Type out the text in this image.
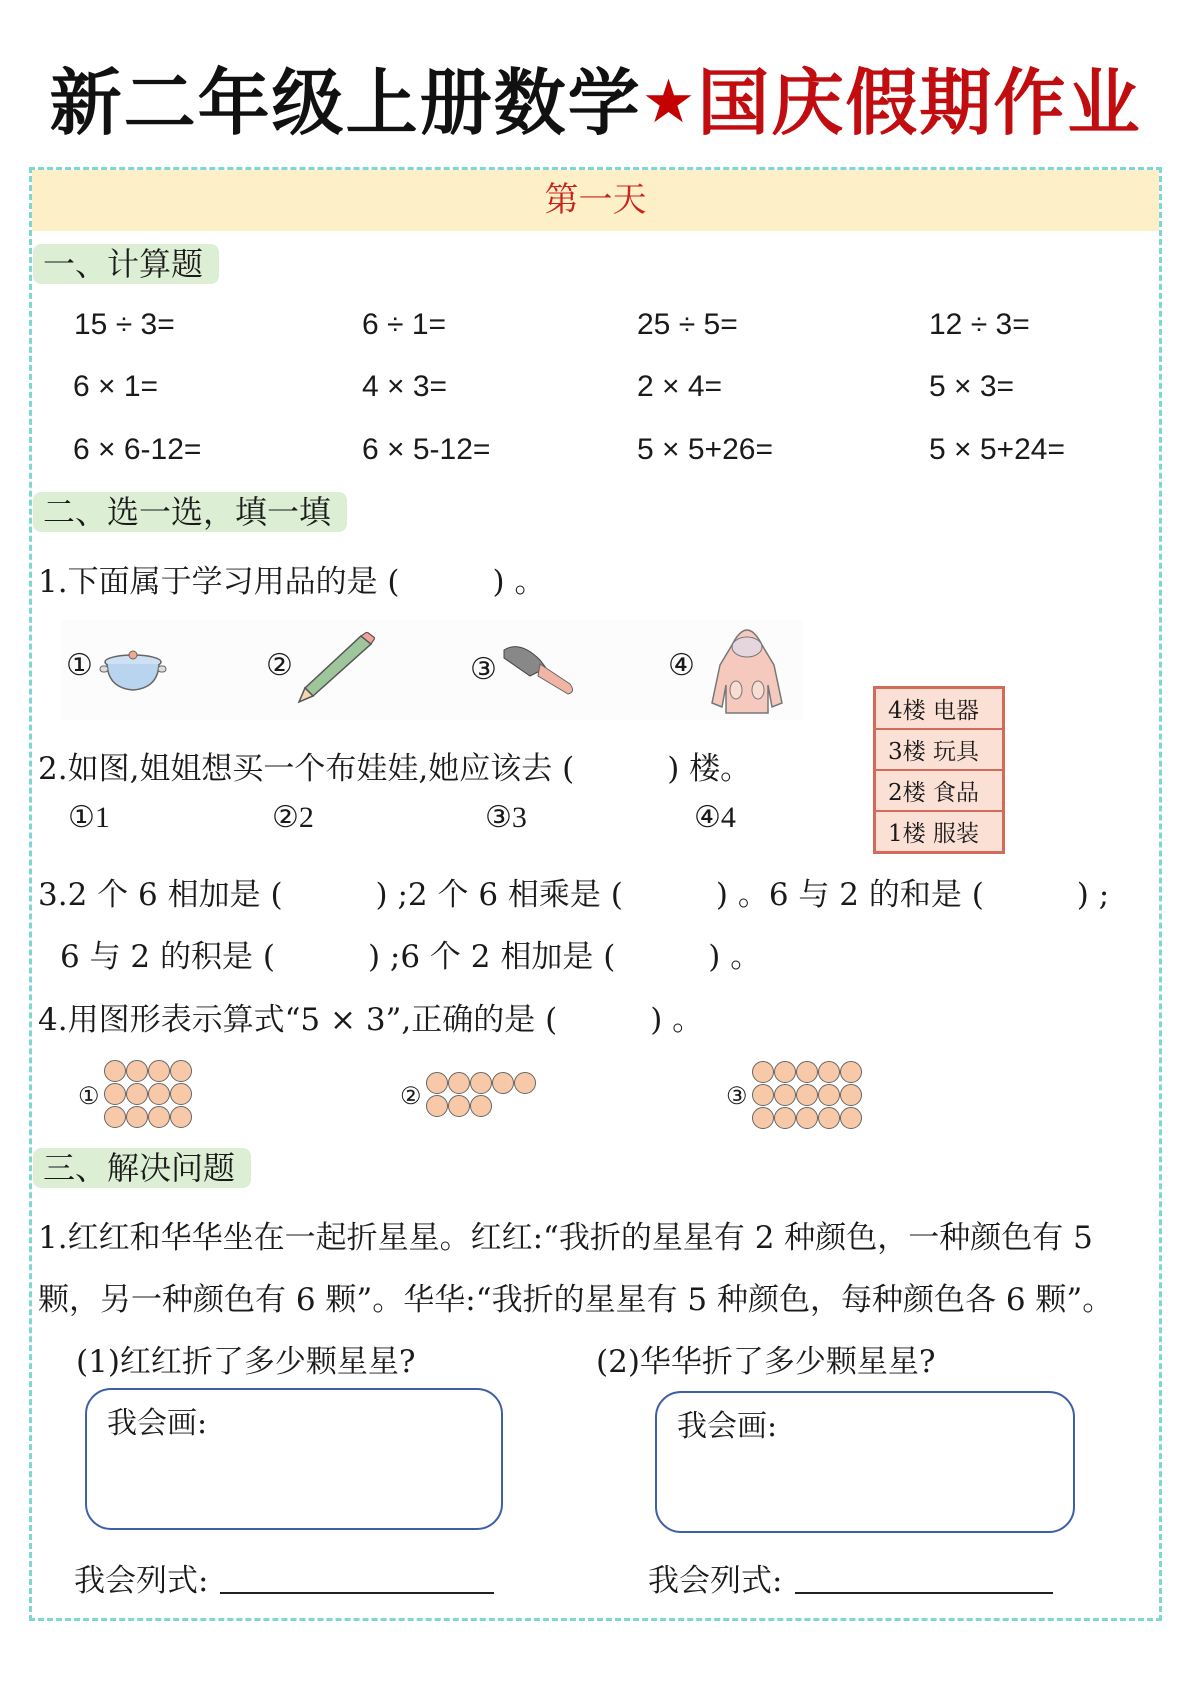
新二年级上册数学★国庆假期作业
第一天
一、计算题
15 ÷ 3=	6 ÷ 1=	25 ÷ 5=	12 ÷ 3=
6 × 1=	4 × 3=	2 × 4=	5 × 3=
6 × 6-12=	6 × 5-12=	5 × 5+26=	5 × 5+24=
二、选一选，填一填
1.下面属于学习用品的是 (　　　) 。
①	②	③	④
4楼 电器
3楼 玩具
2楼 食品
1楼 服装
2.如图,姐姐想买一个布娃娃,她应该去 (　　　) 楼。
①1	②2	③3	④4
3.2 个 6 相加是 (　　　) ;2 个 6 相乘是 (　　　) 。6 与 2 的和是 (　　　) ;
6 与 2 的积是 (　　　) ;6 个 2 相加是 (　　　) 。
4.用图形表示算式“5 × 3”,正确的是 (　　　) 。
①	②	③
三、解决问题
1.红红和华华坐在一起折星星。红红:“我折的星星有 2 种颜色，一种颜色有 5
颗，另一种颜色有 6 颗”。华华:“我折的星星有 5 种颜色，每种颜色各 6 颗”。
(1)红红折了多少颗星星?	(2)华华折了多少颗星星?
我会画:	我会画:
我会列式:	我会列式:
